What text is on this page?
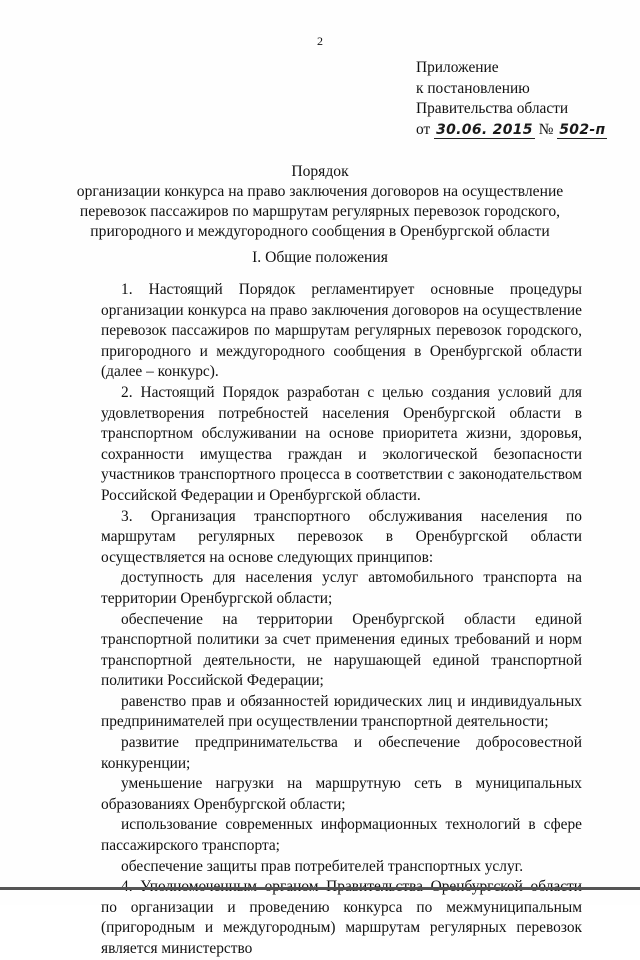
2
Приложение
к постановлению
Правительства области
от 30.06. 2015 № 502-п
Порядок
организации конкурса на право заключения договоров на осуществление
перевозок пассажиров по маршрутам регулярных перевозок городского,
пригородного и междугородного сообщения в Оренбургской области
I. Общие положения

1. Настоящий Порядок регламентирует основные процедуры организации конкурса на право заключения договоров на осуществление перевозок пассажиров по маршрутам регулярных перевозок городского, пригородного и междугородного сообщения в Оренбургской области (далее – конкурс).

2. Настоящий Порядок разработан с целью создания условий для удовлетворения потребностей населения Оренбургской области в транспортном обслуживании на основе приоритета жизни, здоровья, сохранности имущества граждан и экологической безопасности участников транспортного процесса в соответствии с законодательством Российской Федерации и Оренбургской области.

3. Организация транспортного обслуживания населения по маршрутам регулярных перевозок в Оренбургской области осуществляется на основе следующих принципов:

доступность для населения услуг автомобильного транспорта на территории Оренбургской области;

обеспечение на территории Оренбургской области единой транспортной политики за счет применения единых требований и норм транспортной деятельности, не нарушающей единой транспортной политики Российской Федерации;

равенство прав и обязанностей юридических лиц и индивидуальных предпринимателей при осуществлении транспортной деятельности;

развитие предпринимательства и обеспечение добросовестной конкуренции;

уменьшение нагрузки на маршрутную сеть в муниципальных образованиях Оренбургской области;

использование современных информационных технологий в сфере пассажирского транспорта;

обеспечение защиты прав потребителей транспортных услуг.

по организации и проведению конкурса по межмуниципальным (пригородным и междугородным) маршрутам регулярных перевозок является министерство
